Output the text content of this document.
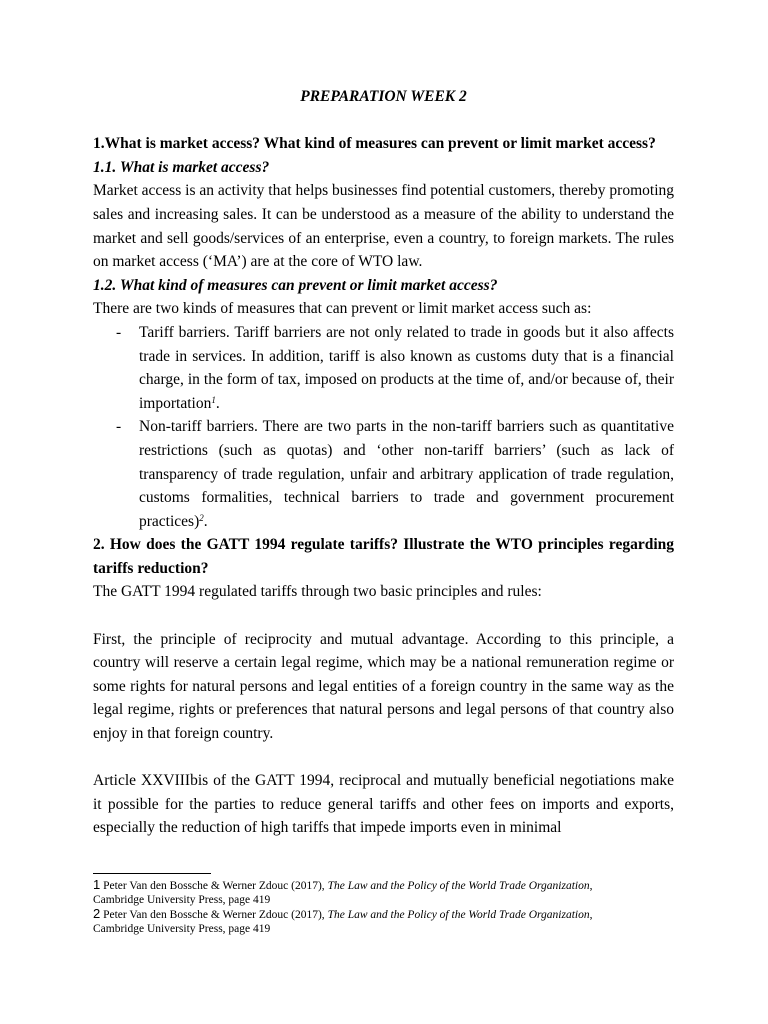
PREPARATION WEEK 2
1.What is market access? What kind of measures can prevent or limit market access?

1.1. What is market access?

Market access is an activity that helps businesses find potential customers, thereby promoting sales and increasing sales. It can be understood as a measure of the ability to understand the market and sell goods/services of an enterprise, even a country, to foreign markets. The rules on market access (‘MA’) are at the core of WTO law.

1.2. What kind of measures can prevent or limit market access?

There are two kinds of measures that can prevent or limit market access such as:

- Tariff barriers. Tariff barriers are not only related to trade in goods but it also affects trade in services. In addition, tariff is also known as customs duty that is a financial charge, in the form of tax, imposed on products at the time of, and/or because of, their importation$^1$.
- Non-tariff barriers. There are two parts in the non-tariff barriers such as quantitative restrictions (such as quotas) and ‘other non-tariff barriers’ (such as lack of transparency of trade regulation, unfair and arbitrary application of trade regulation, customs formalities, technical barriers to trade and government procurement practices)$^2$.
2. How does the GATT 1994 regulate tariffs? Illustrate the WTO principles regarding tariffs reduction?

The GATT 1994 regulated tariffs through two basic principles and rules:

First, the principle of reciprocity and mutual advantage. According to this principle, a country will reserve a certain legal regime, which may be a national remuneration regime or some rights for natural persons and legal entities of a foreign country in the same way as the legal regime, rights or preferences that natural persons and legal persons of that country also enjoy in that foreign country.

Article XXVIIIbis of the GATT 1994, reciprocal and mutually beneficial negotiations make it possible for the parties to reduce general tariffs and other fees on imports and exports, especially the reduction of high tariffs that impede imports even in minimal

1 Peter Van den Bossche & Werner Zdouc (2017), The Law and the Policy of the World Trade Organization,
Cambridge University Press, page 419

2 Peter Van den Bossche & Werner Zdouc (2017), The Law and the Policy of the World Trade Organization,
Cambridge University Press, page 419
